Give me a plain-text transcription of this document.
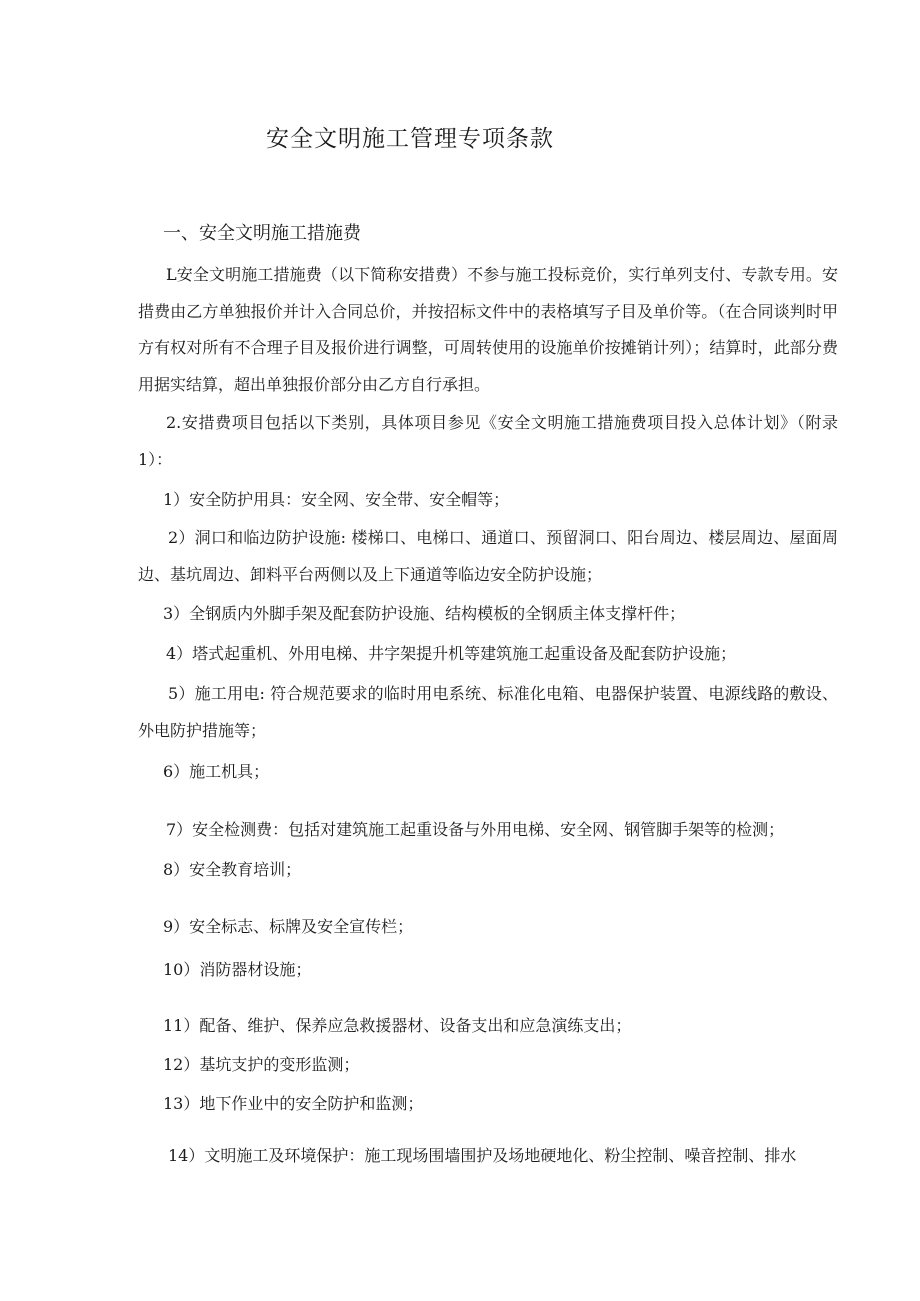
安全文明施工管理专项条款
一、安全文明施工措施费
L安全文明施工措施费（以下简称安措费）不参与施工投标竞价，实行单列支付、专款专用。安措费由乙方单独报价并计入合同总价，并按招标文件中的表格填写子目及单价等。（在合同谈判时甲方有权对所有不合理子目及报价进行调整，可周转使用的设施单价按摊销计列）；结算时，此部分费用据实结算，超出单独报价部分由乙方自行承担。
2.安措费项目包括以下类别，具体项目参见《安全文明施工措施费项目投入总体计划》（附录1）：
1）安全防护用具：安全网、安全带、安全帽等；
2）洞口和临边防护设施: 楼梯口、电梯口、通道口、预留洞口、阳台周边、楼层周边、屋面周边、基坑周边、卸料平台两侧以及上下通道等临边安全防护设施；
3）全钢质内外脚手架及配套防护设施、结构模板的全钢质主体支撑杆件；
4）塔式起重机、外用电梯、井字架提升机等建筑施工起重设备及配套防护设施；
5）施工用电: 符合规范要求的临时用电系统、标准化电箱、电器保护装置、电源线路的敷设、外电防护措施等；
6）施工机具；
7）安全检测费：包括对建筑施工起重设备与外用电梯、安全网、钢管脚手架等的检测；
8）安全教育培训；
9）安全标志、标牌及安全宣传栏；
10）消防器材设施；
11）配备、维护、保养应急救援器材、设备支出和应急演练支出；
12）基坑支护的变形监测；
13）地下作业中的安全防护和监测；
14）文明施工及环境保护：施工现场围墙围护及场地硬地化、粉尘控制、噪音控制、排水
